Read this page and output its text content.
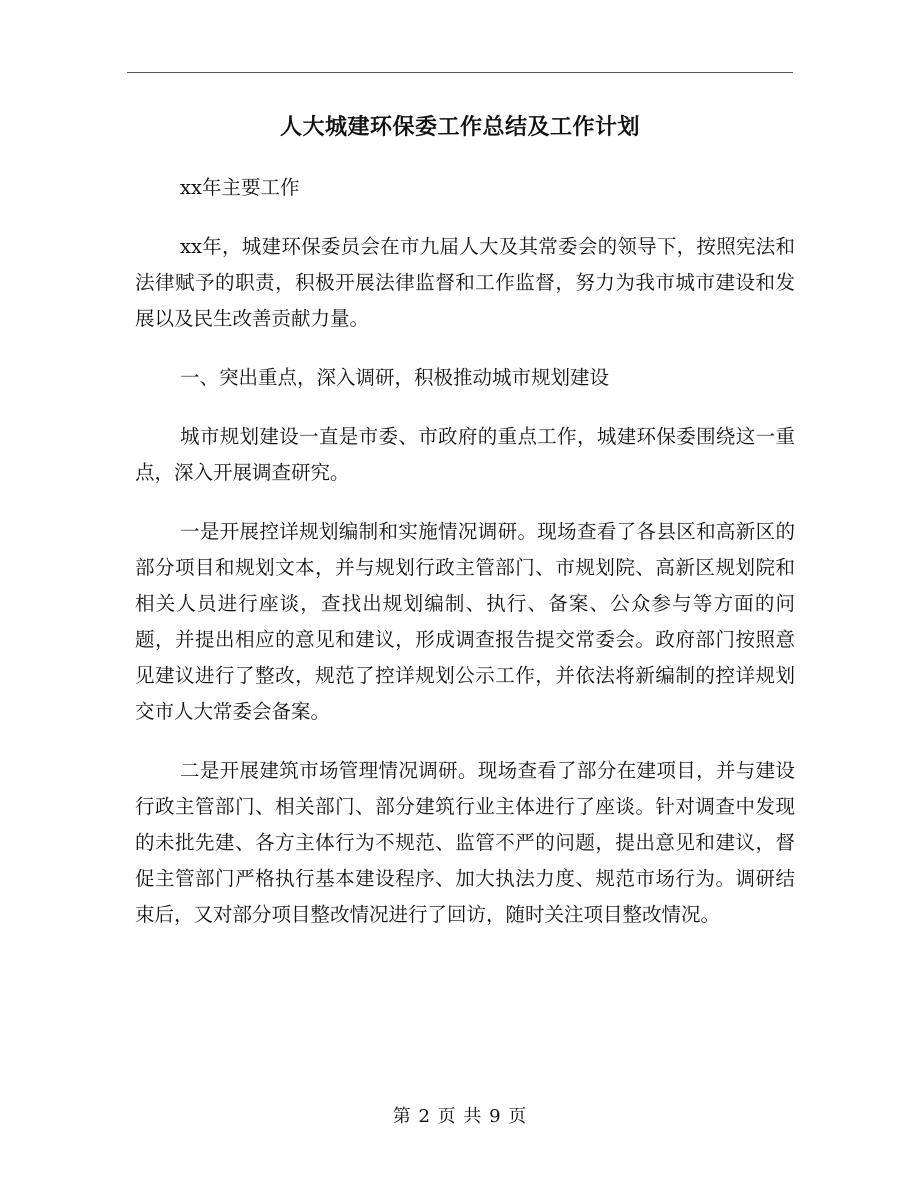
人大城建环保委工作总结及工作计划

xx年主要工作

xx年，城建环保委员会在市九届人大及其常委会的领导下，按照宪法和法律赋予的职责，积极开展法律监督和工作监督，努力为我市城市建设和发展以及民生改善贡献力量。

一、突出重点，深入调研，积极推动城市规划建设

城市规划建设一直是市委、市政府的重点工作，城建环保委围绕这一重点，深入开展调查研究。

一是开展控详规划编制和实施情况调研。现场查看了各县区和高新区的部分项目和规划文本，并与规划行政主管部门、市规划院、高新区规划院和相关人员进行座谈，查找出规划编制、执行、备案、公众参与等方面的问题，并提出相应的意见和建议，形成调查报告提交常委会。政府部门按照意见建议进行了整改，规范了控详规划公示工作，并依法将新编制的控详规划交市人大常委会备案。

二是开展建筑市场管理情况调研。现场查看了部分在建项目，并与建设行政主管部门、相关部门、部分建筑行业主体进行了座谈。针对调查中发现的未批先建、各方主体行为不规范、监管不严的问题，提出意见和建议，督促主管部门严格执行基本建设程序、加大执法力度、规范市场行为。调研结束后，又对部分项目整改情况进行了回访，随时关注项目整改情况。

第 2 页 共 9 页
